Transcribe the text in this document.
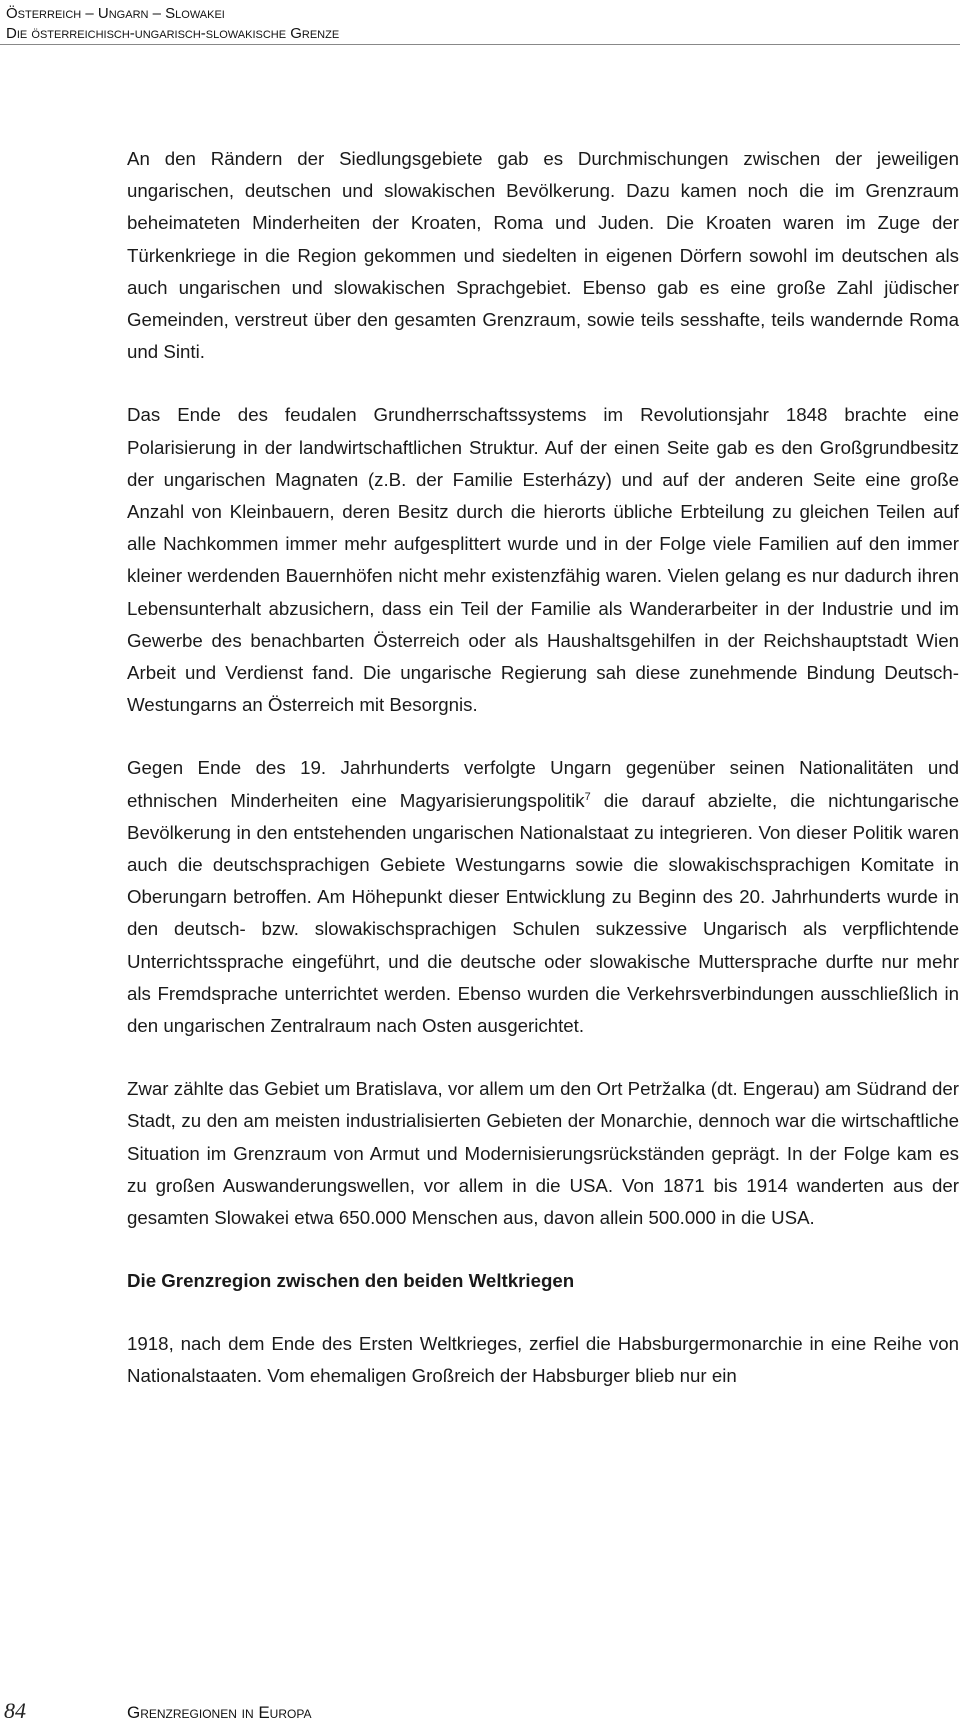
Österreich – Ungarn – Slowakei
Die österreichisch-ungarisch-slowakische Grenze

An den Rändern der Siedlungsgebiete gab es Durchmischungen zwischen der jeweiligen ungarischen, deutschen und slowakischen Bevölkerung. Dazu kamen noch die im Grenzraum beheimateten Minderheiten der Kroaten, Roma und Juden. Die Kroaten waren im Zuge der Türkenkriege in die Region gekommen und siedelten in eigenen Dörfern sowohl im deutschen als auch ungarischen und slowakischen Sprachgebiet. Ebenso gab es eine große Zahl jüdischer Gemeinden, verstreut über den gesamten Grenzraum, sowie teils sesshafte, teils wandernde Roma und Sinti.

Das Ende des feudalen Grundherrschaftssystems im Revolutionsjahr 1848 brachte eine Polarisierung in der landwirtschaftlichen Struktur. Auf der einen Seite gab es den Großgrundbesitz der ungarischen Magnaten (z.B. der Familie Esterházy) und auf der anderen Seite eine große Anzahl von Kleinbauern, deren Besitz durch die hierorts übliche Erbteilung zu gleichen Teilen auf alle Nachkommen immer mehr aufgesplittert wurde und in der Folge viele Familien auf den immer kleiner werdenden Bauernhöfen nicht mehr existenzfähig waren. Vielen gelang es nur dadurch ihren Lebensunterhalt abzusichern, dass ein Teil der Familie als Wanderarbeiter in der Industrie und im Gewerbe des benachbarten Österreich oder als Haushaltsgehilfen in der Reichshauptstadt Wien Arbeit und Verdienst fand. Die ungarische Regierung sah diese zunehmende Bindung Deutsch-Westungarns an Österreich mit Besorgnis.

Gegen Ende des 19. Jahrhunderts verfolgte Ungarn gegenüber seinen Nationalitäten und ethnischen Minderheiten eine Magyarisierungspolitik$^7$ die darauf abzielte, die nichtungarische Bevölkerung in den entstehenden ungarischen Nationalstaat zu integrieren. Von dieser Politik waren auch die deutschsprachigen Gebiete Westungarns sowie die slowakischsprachigen Komitate in Oberungarn betroffen. Am Höhepunkt dieser Entwicklung zu Beginn des 20. Jahrhunderts wurde in den deutsch- bzw. slowakischsprachigen Schulen sukzessive Ungarisch als verpflichtende Unterrichtssprache eingeführt, und die deutsche oder slowakische Muttersprache durfte nur mehr als Fremdsprache unterrichtet werden. Ebenso wurden die Verkehrsverbindungen ausschließlich in den ungarischen Zentralraum nach Osten ausgerichtet.

Zwar zählte das Gebiet um Bratislava, vor allem um den Ort Petržalka (dt. Engerau) am Südrand der Stadt, zu den am meisten industrialisierten Gebieten der Monarchie, dennoch war die wirtschaftliche Situation im Grenzraum von Armut und Modernisierungsrückständen geprägt. In der Folge kam es zu großen Auswanderungswellen, vor allem in die USA. Von 1871 bis 1914 wanderten aus der gesamten Slowakei etwa 650.000 Menschen aus, davon allein 500.000 in die USA.

Die Grenzregion zwischen den beiden Weltkriegen

1918, nach dem Ende des Ersten Weltkrieges, zerfiel die Habsburgermonarchie in eine Reihe von Nationalstaaten. Vom ehemaligen Großreich der Habsburger blieb nur ein

84	Grenzregionen in Europa
